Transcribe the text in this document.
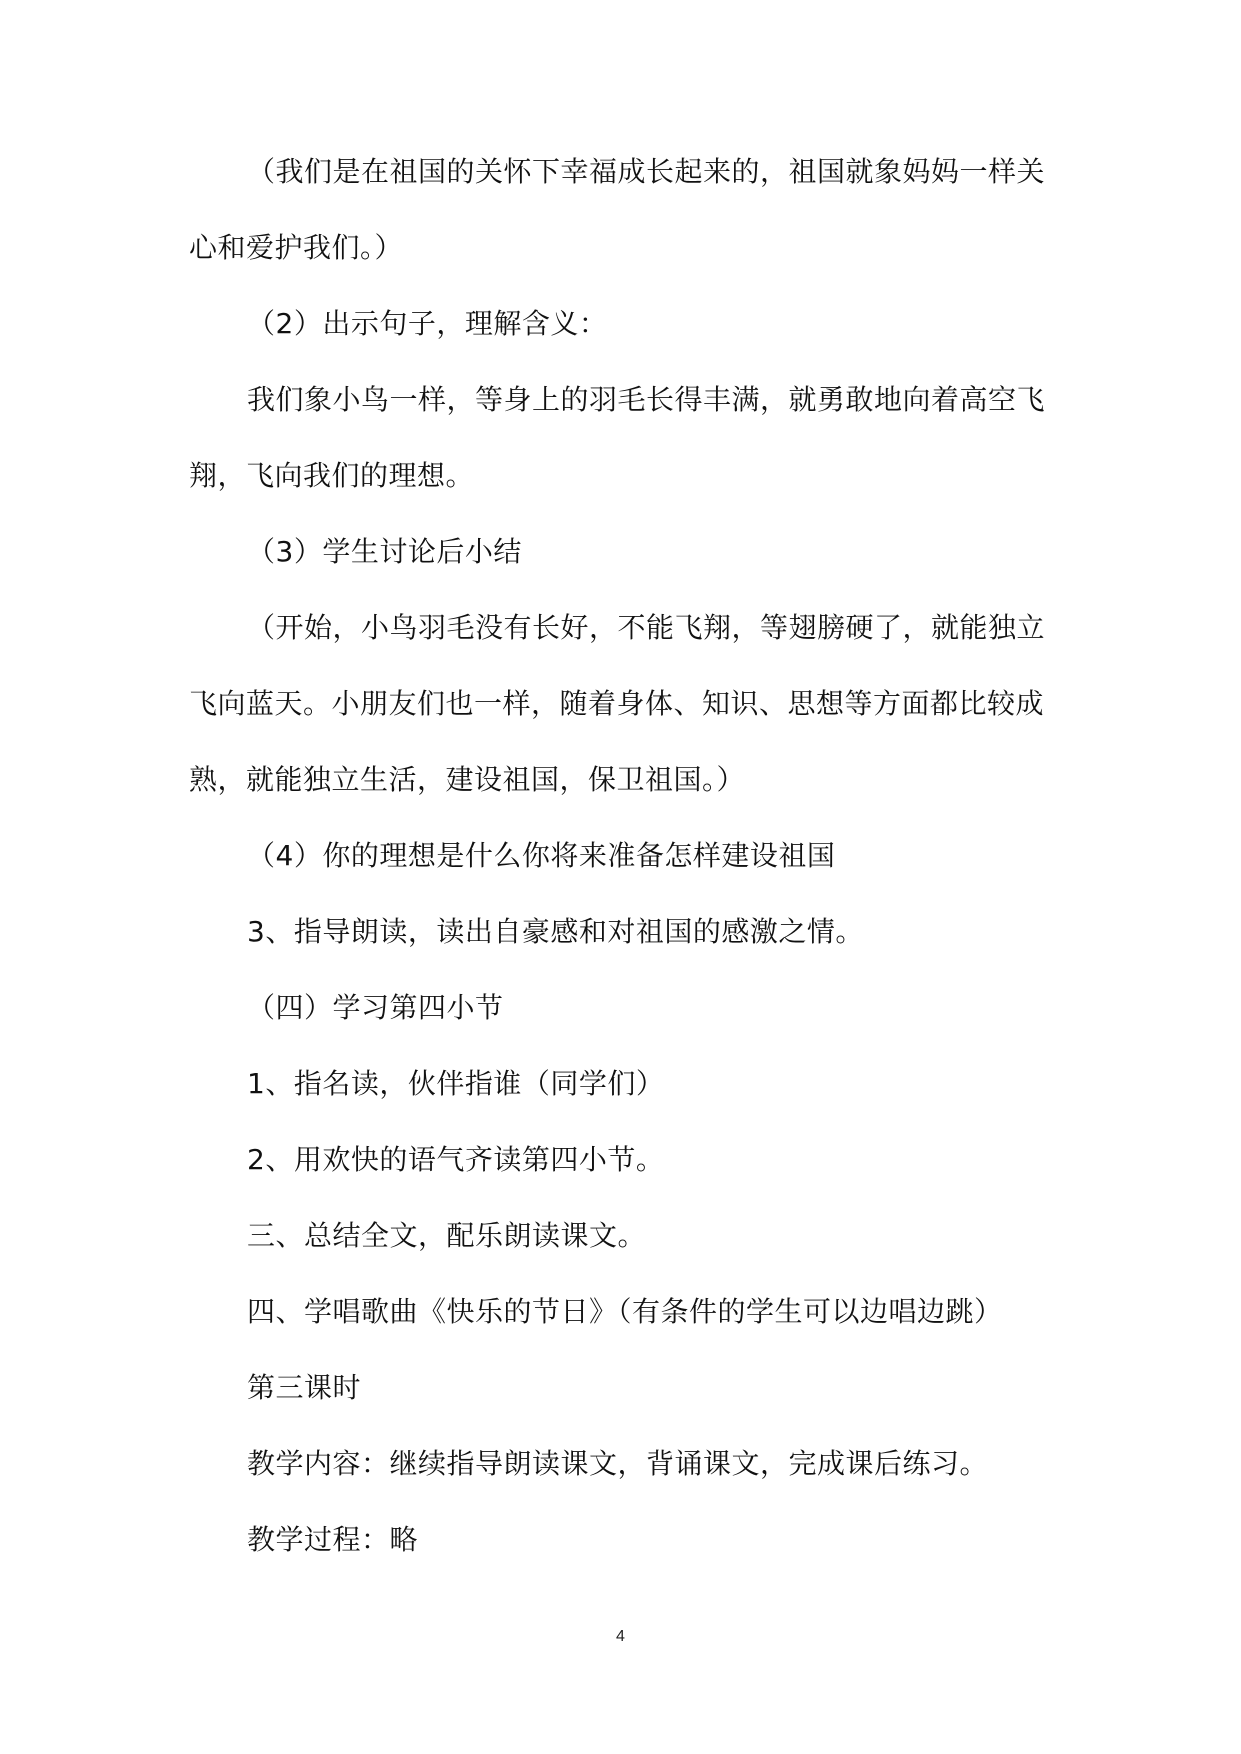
（我们是在祖国的关怀下幸福成长起来的，祖国就象妈妈一样关心和爱护我们。）

（2）出示句子，理解含义：

我们象小鸟一样，等身上的羽毛长得丰满，就勇敢地向着高空飞翔，飞向我们的理想。

（3）学生讨论后小结

（开始，小鸟羽毛没有长好，不能飞翔，等翅膀硬了，就能独立飞向蓝天。小朋友们也一样，随着身体、知识、思想等方面都比较成熟，就能独立生活，建设祖国，保卫祖国。）

（4）你的理想是什么你将来准备怎样建设祖国

3、指导朗读，读出自豪感和对祖国的感激之情。

（四）学习第四小节

1、指名读，伙伴指谁（同学们）

2、用欢快的语气齐读第四小节。

三、总结全文，配乐朗读课文。

四、学唱歌曲《快乐的节日》（有条件的学生可以边唱边跳）

第三课时

教学内容：继续指导朗读课文，背诵课文，完成课后练习。

教学过程：略

4
